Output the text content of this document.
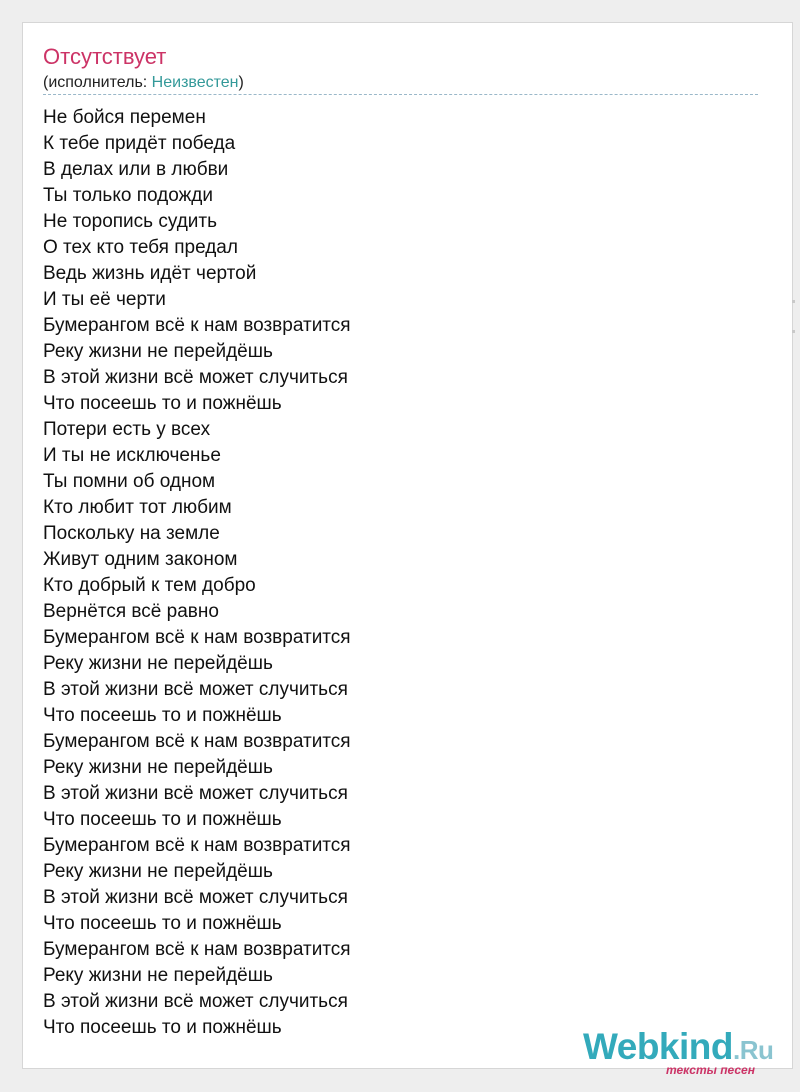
Отсутствует
(исполнитель: Неизвестен)
Не бойся перемен
К тебе придёт победа
В делах или в любви
Ты только подожди
Не торопись судить
О тех кто тебя предал
Ведь жизнь идёт чертой
И ты её черти
Бумерангом всё к нам возвратится
Реку жизни не перейдёшь
В этой жизни всё может случиться
Что посеешь то и пожнёшь
Потери есть у всех
И ты не исключенье
Ты помни об одном
Кто любит тот любим
Поскольку на земле
Живут одним законом
Кто добрый к тем добро
Вернётся всё равно
Бумерангом всё к нам возвратится
Реку жизни не перейдёшь
В этой жизни всё может случиться
Что посеешь то и пожнёшь
Бумерангом всё к нам возвратится
Реку жизни не перейдёшь
В этой жизни всё может случиться
Что посеешь то и пожнёшь
Бумерангом всё к нам возвратится
Реку жизни не перейдёшь
В этой жизни всё может случиться
Что посеешь то и пожнёшь
Бумерангом всё к нам возвратится
Реку жизни не перейдёшь
В этой жизни всё может случиться
Что посеешь то и пожнёшь	Webkind.Ru
тексты песен
